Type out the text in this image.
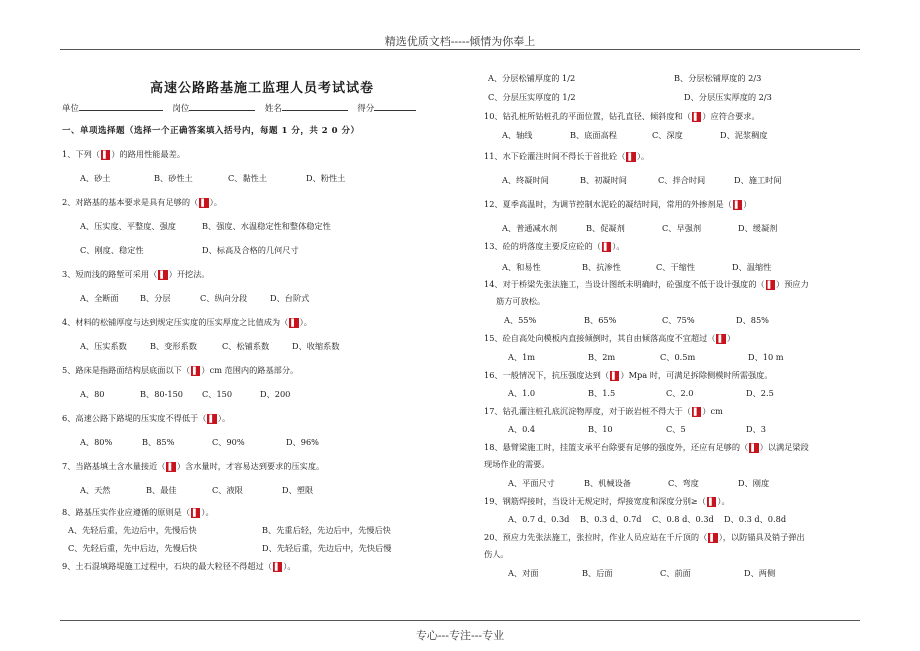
精选优质文档-----倾情为你奉上
高速公路路基施工监理人员考试试卷
单位	岗位	姓名	得分
一、单项选择题（选择一个正确答案填入括号内，每题 1 分，共 2 0 分）
1、下列（ ▌ ）的路用性能最差。
A、砂土	B、砂性土	C、黏性土	D、粉性土
2、对路基的基本要求是具有足够的（ ▌ ）。
A、压实度、平整度、强度	B、强度、水温稳定性和整体稳定性
C、刚度、稳定性	D、标高及合格的几何尺寸
3、短而浅的路堑可采用（ ▌ ）开挖法。
A、全断面	B、分层	C、纵向分段	D、台阶式
4、材料的松铺厚度与达到规定压实度的压实厚度之比值成为（ ▌ ）。
A、压实系数	B、变形系数	C、松铺系数	D、收缩系数
5、路床是指路面结构层底面以下（ ▌ ）cm 范围内的路基部分。
A、80	B、80-150 C、150	D、200
6、高速公路下路堤的压实度不得低于（ ▌ ）。
A、80%	B、85%	C、90%	D、96%
7、当路基填土含水量接近（ ▌ ）含水量时，才容易达到要求的压实度。
A、天然	B、最佳	C、液限	D、塑限
8、路基压实作业应遵循的原则是（ ▌ ）。
A、先轻后重，先边后中，先慢后快	B、先重后轻，先边后中，先慢后快
C、先轻后重，先中后边，先慢后快	D、先轻后重，先边后中，先快后慢
9、土石混填路堤施工过程中，石块的最大粒径不得超过（ ▌ ）。
A、分层松铺厚度的 1/2	B、分层松铺厚度的 2/3
C、分层压实厚度的 1/2	D、分层压实厚度的 2/3
10、钻孔桩所钻桩孔的平面位置，钻孔直径、倾斜度和（ ▌ ）应符合要求。
A、轴线	B、底面高程	C、深度	D、泥浆稠度
11、水下砼灌注时间不得长于首批砼（ ▌ ）。
A、终凝时间	B、初凝时间	C、拌合时间	D、施工时间
12、夏季高温时，为调节控制水泥砼的凝结时间，常用的外掺剂是（ ▌ ）
A、普通减水剂	B、促凝剂	C、早强剂	D、缓凝剂
13、砼的坍落度主要反应砼的（ ▌ ）。
A、和易性	B、抗渗性	C、干缩性	D、温缩性
14、对于桥梁先张法施工，当设计图纸未明确时，砼强度不低于设计强度的（ ▌ ）预应力
筋方可放松。
A、55%	B、65%	C、75%	D、85%
15、砼自高处向模板内直接倾倒时，其自由倾落高度不宜超过（ ▌ ）
A、1m	B、2m	C、0.5m	D、10 m
16、一般情况下，抗压强度达到（ ▌ ）Mpa 时，可满足拆除侧模时所需强度。
A、1.0	B、1.5	C、2.0	D、2.5
17、钻孔灌注桩孔底沉淀物厚度，对于嵌岩桩不得大于（ ▌ ）cm
A、0.4	B、10	C、5	D、3
18、悬臂梁施工时，挂篮支承平台除要有足够的强度外，还应有足够的（ ▌ ）以满足梁段
现场作业的需要。
A、平面尺寸	B、机械设备	C、弯度	D、刚度
19、钢筋焊接时，当设计无规定时，焊接宽度和深度分别≥（ ▌ ）。
A、0.7 d、0.3d B、0.3 d、0.7d C、0.8 d、0.3d D、0.3 d、0.8d
20、预应力先张法施工，张拉时，作业人员应站在千斤顶的（ ▌ ），以防锚具及销子弹出
伤人。
A、对面	B、后面	C、前面	D、两侧
专心---专注---专业
